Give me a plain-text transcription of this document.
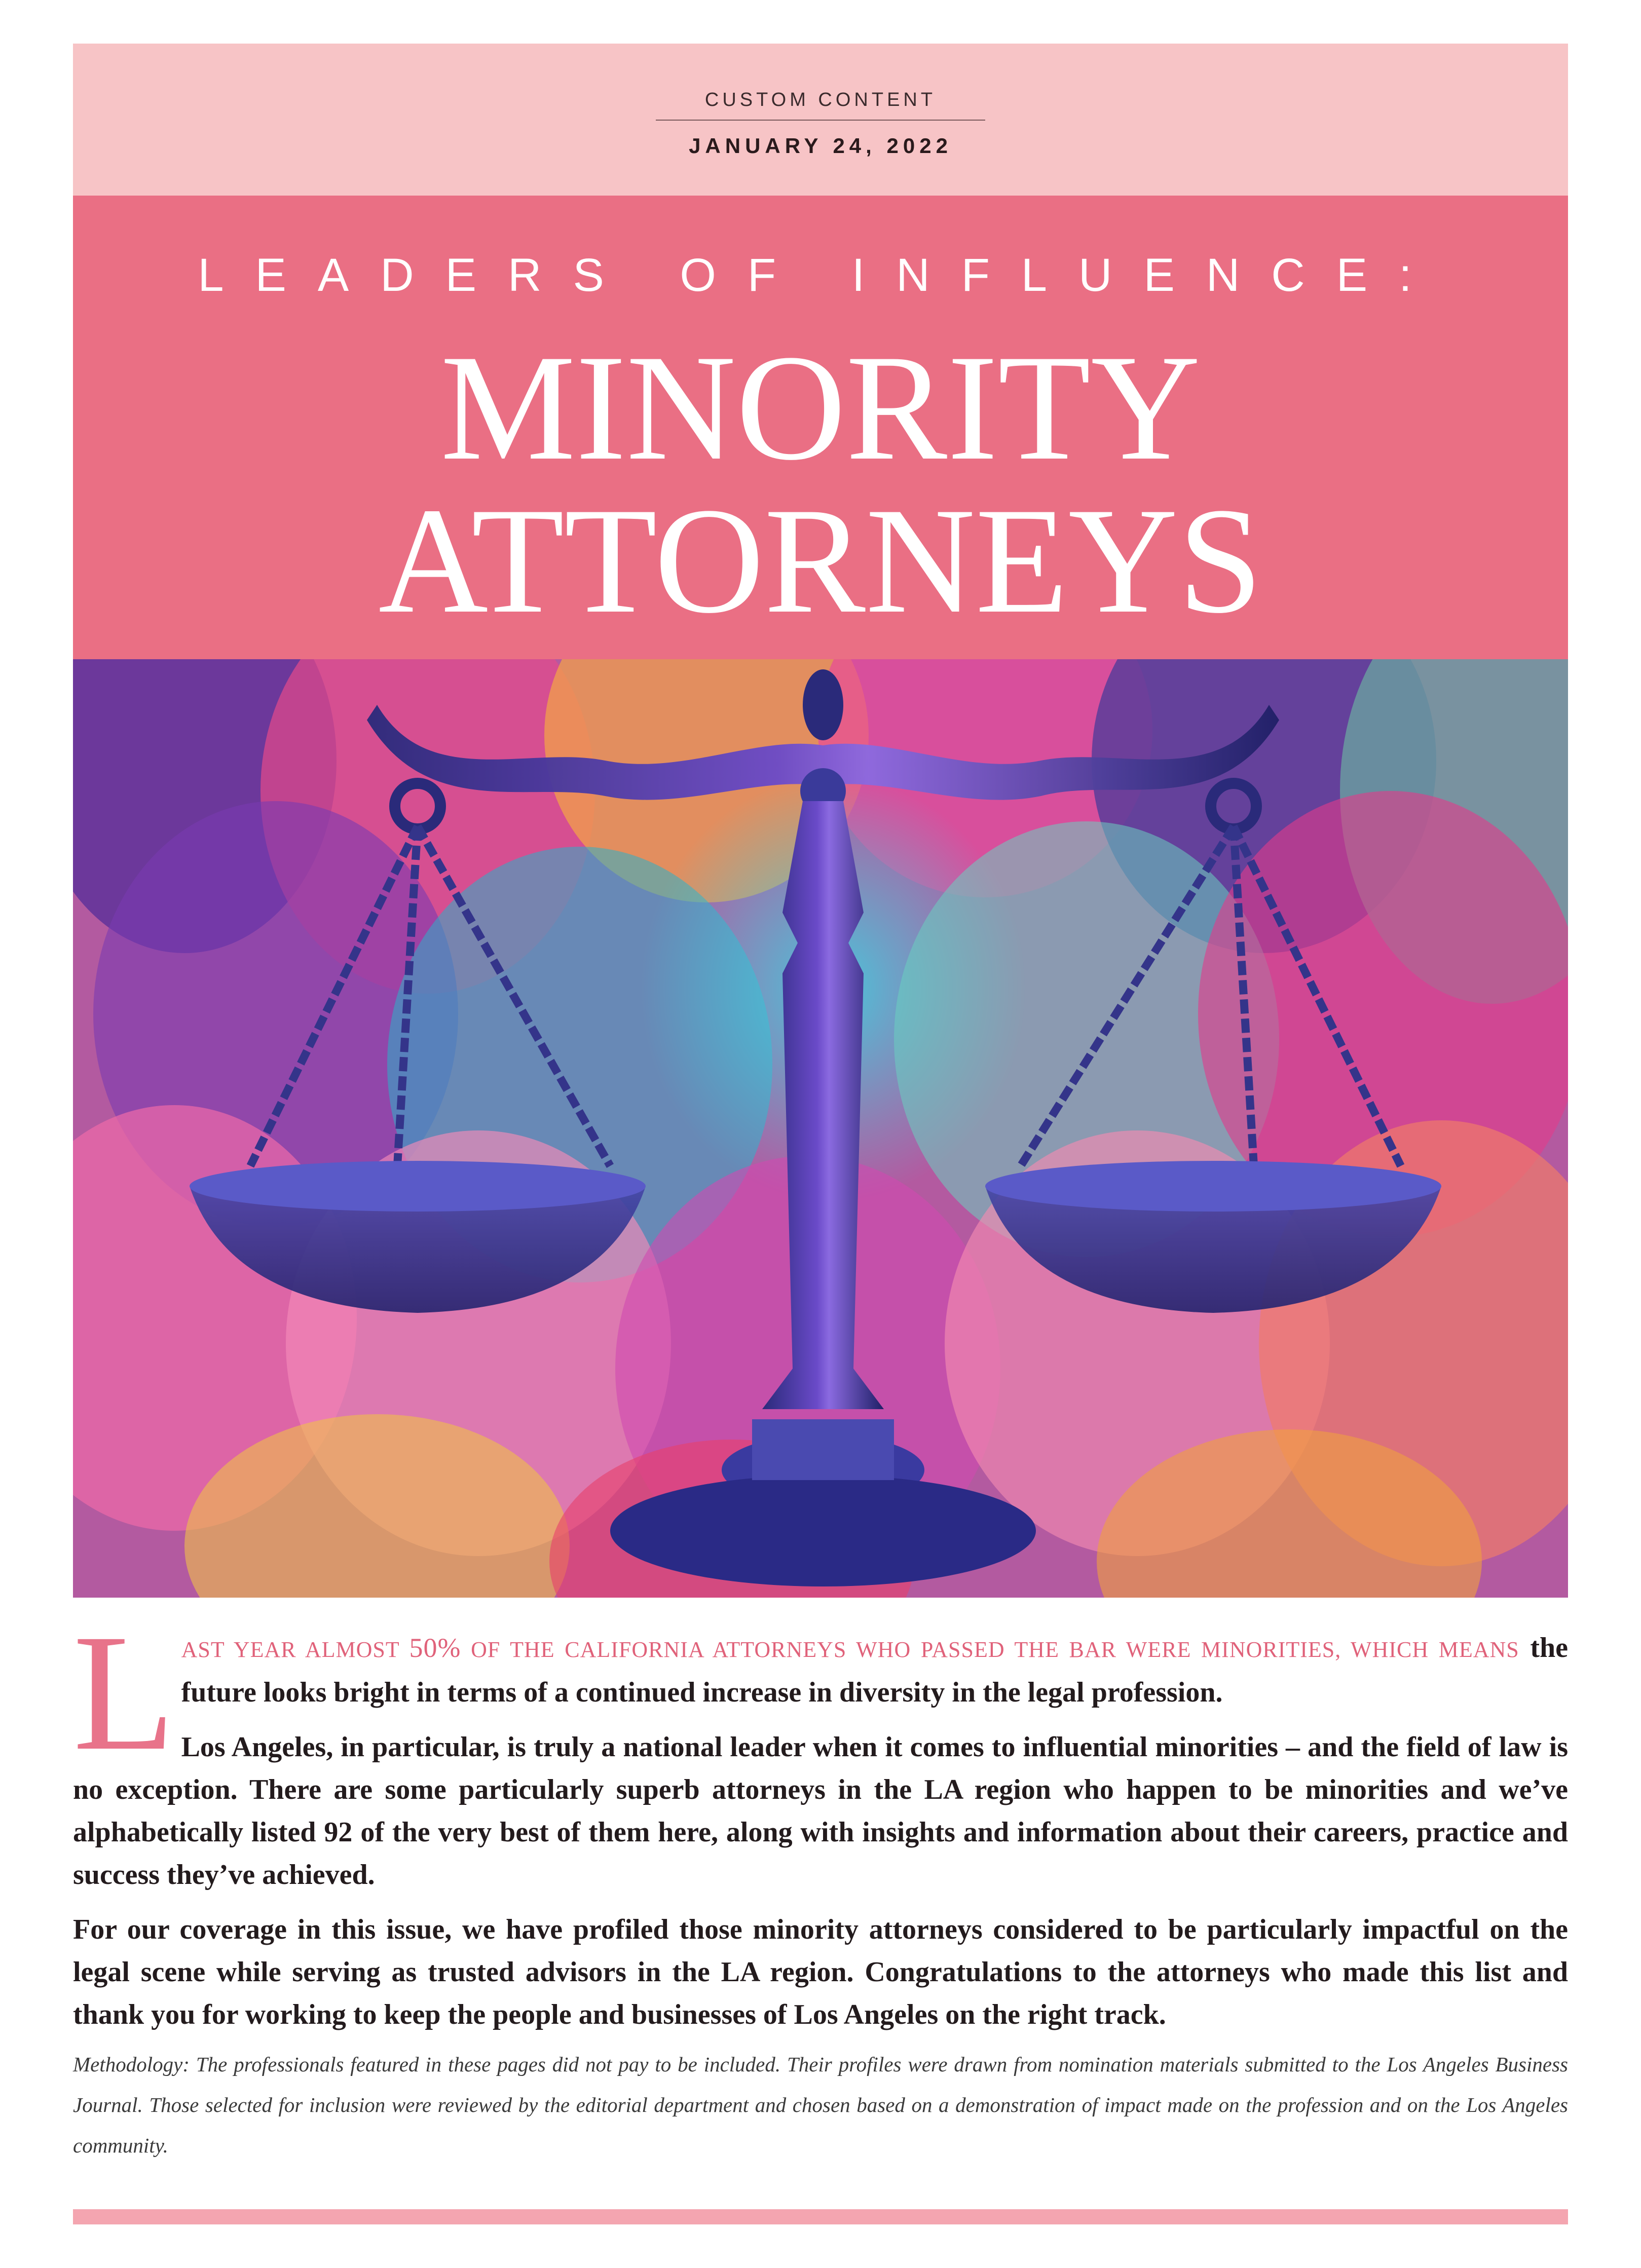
CUSTOM CONTENT
JANUARY 24, 2022
LEADERS OF INFLUENCE:
MINORITY
ATTORNEYS

L AST YEAR ALMOST 50% OF THE CALIFORNIA ATTORNEYS WHO PASSED THE BAR WERE MINORITIES, WHICH MEANS the future looks bright in terms of a continued increase in diversity in the legal profession.

Los Angeles, in particular, is truly a national leader when it comes to influential minorities – and the field of law is no exception. There are some particularly superb attorneys in the LA region who happen to be minorities and we’ve alphabetically listed 92 of the very best of them here, along with insights and information about their careers, practice and success they’ve achieved.

For our coverage in this issue, we have profiled those minority attorneys considered to be particularly impactful on the legal scene while serving as trusted advisors in the LA region. Congratulations to the attorneys who made this list and thank you for working to keep the people and businesses of Los Angeles on the right track.

Methodology: The professionals featured in these pages did not pay to be included. Their profiles were drawn from nomination materials submitted to the Los Angeles Business Journal. Those selected for inclusion were reviewed by the editorial department and chosen based on a demonstration of impact made on the profession and on the Los Angeles community.
